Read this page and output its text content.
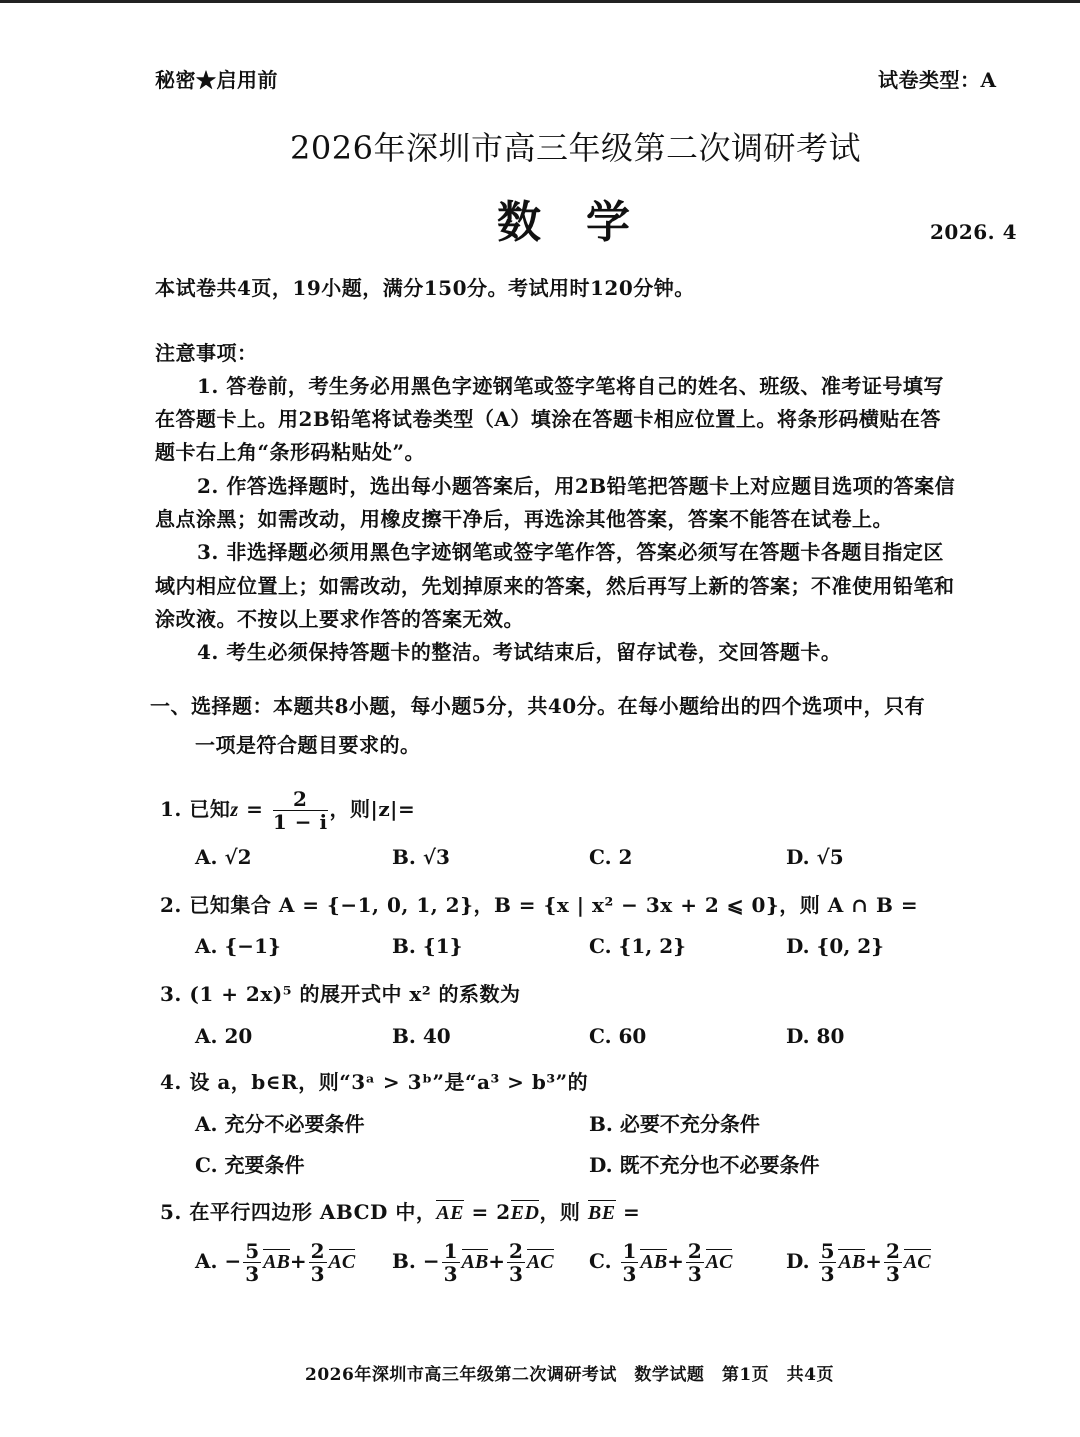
秘密★启用前	试卷类型：A
2026年深圳市高三年级第二次调研考试
数　学	2026. 4
本试卷共4页，19小题，满分150分。考试用时120分钟。
注意事项：
1. 答卷前，考生务必用黑色字迹钢笔或签字笔将自己的姓名、班级、准考证号填写
在答题卡上。用2B铅笔将试卷类型（A）填涂在答题卡相应位置上。将条形码横贴在答
题卡右上角“条形码粘贴处”。
2. 作答选择题时，选出每小题答案后，用2B铅笔把答题卡上对应题目选项的答案信
息点涂黑；如需改动，用橡皮擦干净后，再选涂其他答案，答案不能答在试卷上。
3. 非选择题必须用黑色字迹钢笔或签字笔作答，答案必须写在答题卡各题目指定区
域内相应位置上；如需改动，先划掉原来的答案，然后再写上新的答案；不准使用铅笔和
涂改液。不按以上要求作答的答案无效。
4. 考生必须保持答题卡的整洁。考试结束后，留存试卷，交回答题卡。
一、选择题：本题共8小题，每小题5分，共40分。在每小题给出的四个选项中，只有
一项是符合题目要求的。
1. 已知$z = \frac{2}{1 - i}$ ，则|z|=
A. √2	B. √3	C. 2	D. √5
2. 已知集合 A = {−1, 0, 1, 2}，B = {x | x² − 3x + 2 ⩽ 0}，则 A ∩ B =
A. {−1}	B. {1}	C. {1, 2}	D. {0, 2}
3. (1 + 2x)⁵ 的展开式中 x² 的系数为
A. 20	B. 40	C. 60	D. 80
4. 设 a，b∈R，则“3ᵃ > 3ᵇ”是“a³ > b³”的
A. 充分不必要条件	B. 必要不充分条件
C. 充要条件	D. 既不充分也不必要条件
5. 在平行四边形 ABCD 中，AE = 2ED，则 BE =
A. − $\frac{5}{3} AB+ \frac{2}{3}$ AC B. − $\frac{1}{3} AB+ \frac{2}{3}$ AC C. $\frac{1}{3} AB+ \frac{2}{3}$ AC	D. $\frac{5}{3} AB+ \frac{2}{3}$ AC
2026年深圳市高三年级第二次调研考试　数学试题　第1页　共4页
